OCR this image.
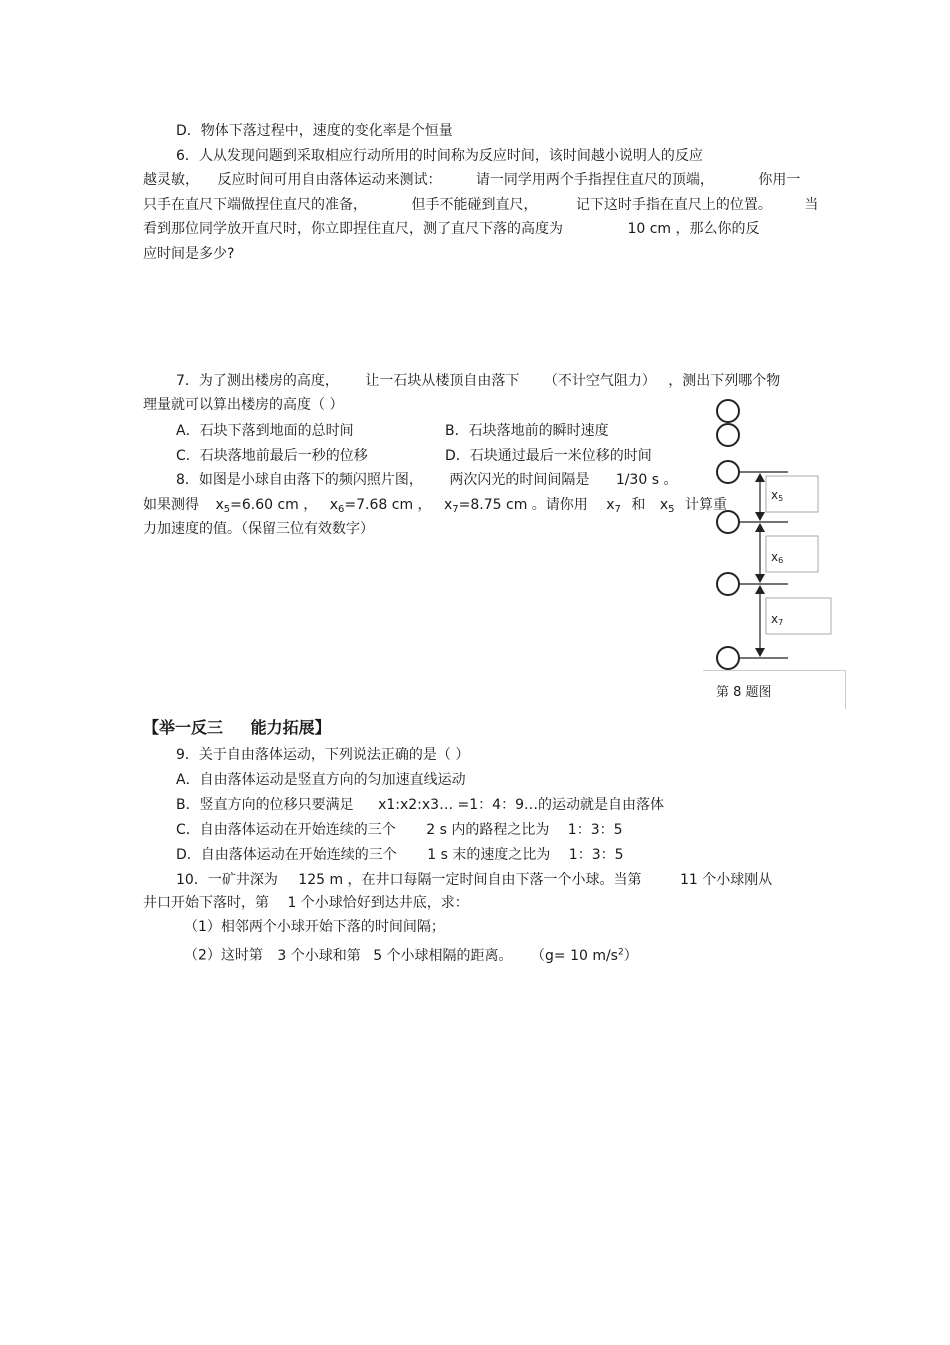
D．物体下落过程中，速度的变化率是个恒量
6．人从发现问题到采取相应行动所用的时间称为反应时间，该时间越小说明人的反应
越灵敏， 反应时间可用自由落体运动来测试： 请一同学用两个手指捏住直尺的顶端，	你用一
只手在直尺下端做捏住直尺的准备，	但手不能碰到直尺，	记下这时手指在直尺上的位置。 当
看到那位同学放开直尺时，你立即捏住直尺，测了直尺下落的高度为	10 cm ，那么你的反
应时间是多少?
7．为了测出楼房的高度， 让一石块从楼顶自由落下 （不计空气阻力） ，测出下列哪个物
理量就可以算出楼房的高度（ ）
A．石块下落到地面的总时间	B．石块落地前的瞬时速度
C．石块落地前最后一秒的位移	D．石块通过最后一米位移的时间
8．如图是小球自由落下的频闪照片图， 两次闪光的时间间隔是 1/30 s 。
如果测得 $x_5=6.60$ cm ， $x_6=7.68$ cm ， $x_7=8.75$ cm 。请你用 $x_7$ 和 $x_5$ 计算重
力加速度的值。（保留三位有效数字）
x5
x6
x7
第 8 题图
【举一反三 能力拓展】
9．关于自由落体运动，下列说法正确的是（ ）
A．自由落体运动是竖直方向的匀加速直线运动
B．竖直方向的位移只要满足 x1:x2:x3… =1：4：9…的运动就是自由落体
C．自由落体运动在开始连续的三个 2 s 内的路程之比为 1：3：5
D．自由落体运动在开始连续的三个 1 s 末的速度之比为 1：3：5
10．一矿井深为 125 m ，在井口每隔一定时间自由下落一个小球。当第	11 个小球刚从
井口开始下落时，第 1 个小球恰好到达井底，求：
（1）相邻两个小球开始下落的时间间隔；
（2）这时第 3 个小球和第 5 个小球相隔的距离。 （g= 10 $m/s^2$）
